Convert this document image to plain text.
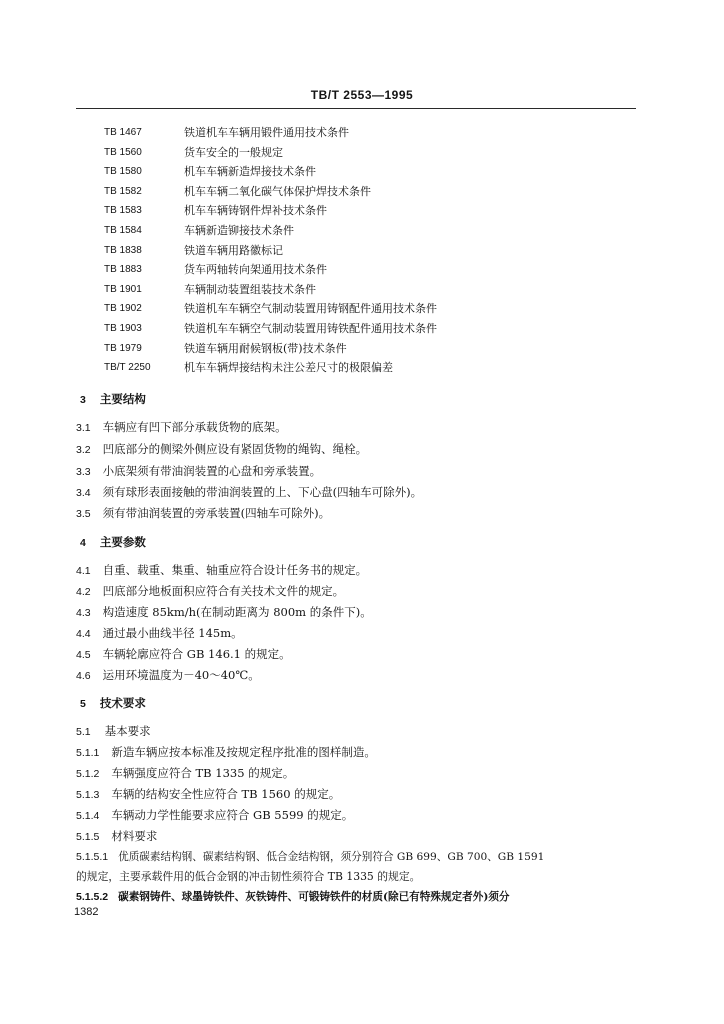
TB/T 2553—1995
TB 1467	铁道机车车辆用锻件通用技术条件
TB 1560	货车安全的一般规定
TB 1580	机车车辆新造焊接技术条件
TB 1582	机车车辆二氧化碳气体保护焊技术条件
TB 1583	机车车辆铸钢件焊补技术条件
TB 1584	车辆新造铆接技术条件
TB 1838	铁道车辆用路徽标记
TB 1883	货车两轴转向架通用技术条件
TB 1901	车辆制动装置组装技术条件
TB 1902	铁道机车车辆空气制动装置用铸钢配件通用技术条件
TB 1903	铁道机车车辆空气制动装置用铸铁配件通用技术条件
TB 1979	铁道车辆用耐候钢板(带)技术条件
TB/T 2250	机车车辆焊接结构未注公差尺寸的极限偏差
3 主要结构
3.1 车辆应有凹下部分承载货物的底架。
3.2 凹底部分的侧梁外侧应设有紧固货物的绳钩、绳栓。
3.3 小底架须有带油润装置的心盘和旁承装置。
3.4 须有球形表面接触的带油润装置的上、下心盘(四轴车可除外)。
3.5 须有带油润装置的旁承装置(四轴车可除外)。
4 主要参数
4.1 自重、载重、集重、轴重应符合设计任务书的规定。
4.2 凹底部分地板面积应符合有关技术文件的规定。
4.3 构造速度 85km/h(在制动距离为 800m 的条件下)。
4.4 通过最小曲线半径 145m。
4.5 车辆轮廓应符合 GB 146.1 的规定。
4.6 运用环境温度为－40～40℃。
5 技术要求
5.1 基本要求
5.1.1 新造车辆应按本标准及按规定程序批准的图样制造。
5.1.2 车辆强度应符合 TB 1335 的规定。
5.1.3 车辆的结构安全性应符合 TB 1560 的规定。
5.1.4 车辆动力学性能要求应符合 GB 5599 的规定。
5.1.5 材料要求
5.1.5.1 优质碳素结构钢、碳素结构钢、低合金结构钢，须分别符合 GB 699、GB 700、GB 1591
的规定，主要承载件用的低合金钢的冲击韧性须符合 TB 1335 的规定。
5.1.5.2 碳素钢铸件、球墨铸铁件、灰铁铸件、可锻铸铁件的材质(除已有特殊规定者外)须分
1382
